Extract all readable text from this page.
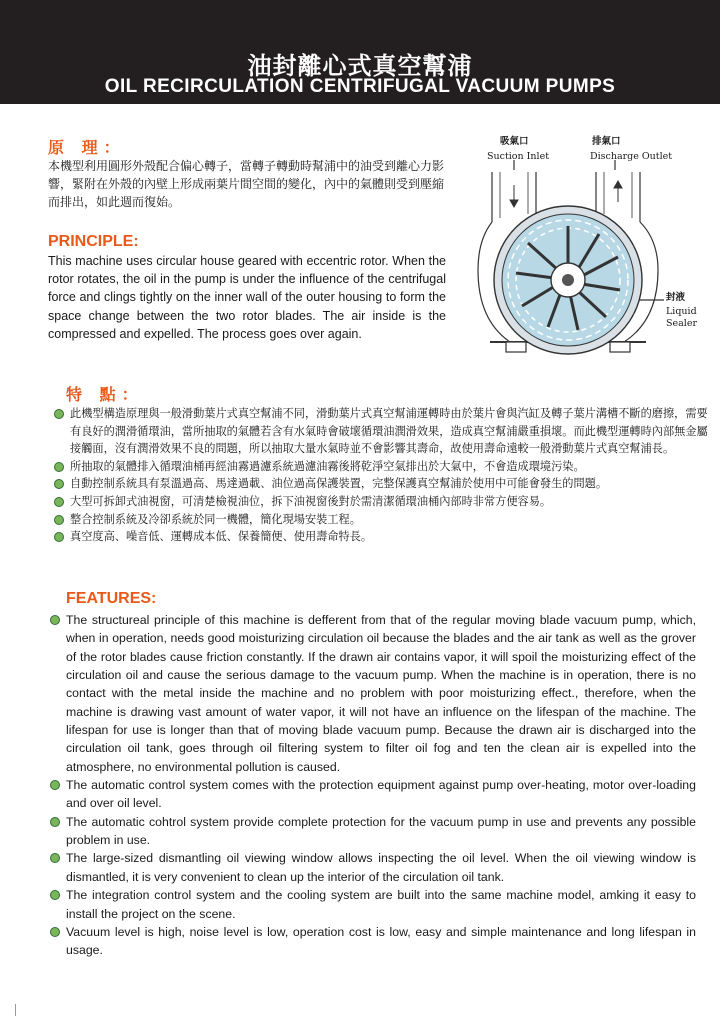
油封離心式真空幫浦
OIL RECIRCULATION CENTRIFUGAL VACUUM PUMPS
原 理：

本機型利用圓形外殼配合偏心轉子，當轉子轉動時幫浦中的油受到離心力影響，緊附在外殼的內壁上形成兩葉片間空間的變化，內中的氣體則受到壓縮而排出，如此週而復始。

PRINCIPLE:

This machine uses circular house geared with eccentric rotor. When the rotor rotates, the oil in the pump is under the influence of the centrifugal force and clings tightly on the inner wall of the outer housing to form the space change between the two rotor blades. The air inside is the compressed and expelled. The process goes over again.

吸氣口
Suction Inlet
排氣口
Discharge Outlet
封液
Liquid
Sealer
特 點：
此機型構造原理與一般滑動葉片式真空幫浦不同，滑動葉片式真空幫浦運轉時由於葉片會與汽缸及轉子葉片溝槽不斷的磨擦，需要有良好的潤滑循環油，當所抽取的氣體若含有水氣時會破壞循環油潤滑效果，造成真空幫浦嚴重損壞。而此機型運轉時內部無金屬接觸面，沒有潤滑效果不良的問題，所以抽取大量水氣時並不會影響其壽命，故使用壽命遠較一般滑動葉片式真空幫浦長。
所抽取的氣體排入循環油桶再經油霧過濾系統過濾油霧後將乾淨空氣排出於大氣中，不會造成環境污染。
自動控制系統具有泵溫過高、馬達過載、油位過高保護裝置，完整保護真空幫浦於使用中可能會發生的問題。
大型可拆卸式油視窗，可清楚檢視油位，拆下油視窗後對於需清潔循環油桶內部時非常方便容易。
整合控制系統及冷卻系統於同一機體，簡化現場安裝工程。
真空度高、噪音低、運轉成本低、保養簡便、使用壽命特長。
FEATURES:
The structureal principle of this machine is defferent from that of the regular moving blade vacuum pump, which, when in operation, needs good moisturizing circulation oil because the blades and the air tank as well as the grover of the rotor blades cause friction constantly. If the drawn air contains vapor, it will spoil the moisturizing effect of the circulation oil and cause the serious damage to the vacuum pump. When the machine is in operation, there is no contact with the metal inside the machine and no problem with poor moisturizing effect., therefore, when the machine is drawing vast amount of water vapor, it will not have an influence on the lifespan of the machine. The lifespan for use is longer than that of moving blade vacuum pump. Because the drawn air is discharged into the circulation oil tank, goes through oil filtering system to filter oil fog and ten the clean air is expelled into the atmosphere, no environmental pollution is caused.
The automatic control system comes with the protection equipment against pump over-heating, motor over-loading and over oil level.
The automatic cohtrol system provide complete protection for the vacuum pump in use and prevents any possible problem in use.
The large-sized dismantling oil viewing window allows inspecting the oil level. When the oil viewing window is dismantled, it is very convenient to clean up the interior of the circulation oil tank.
The integration control system and the cooling system are built into the same machine model, amking it easy to install the project on the scene.
Vacuum level is high, noise level is low, operation cost is low, easy and simple maintenance and long lifespan in usage.
